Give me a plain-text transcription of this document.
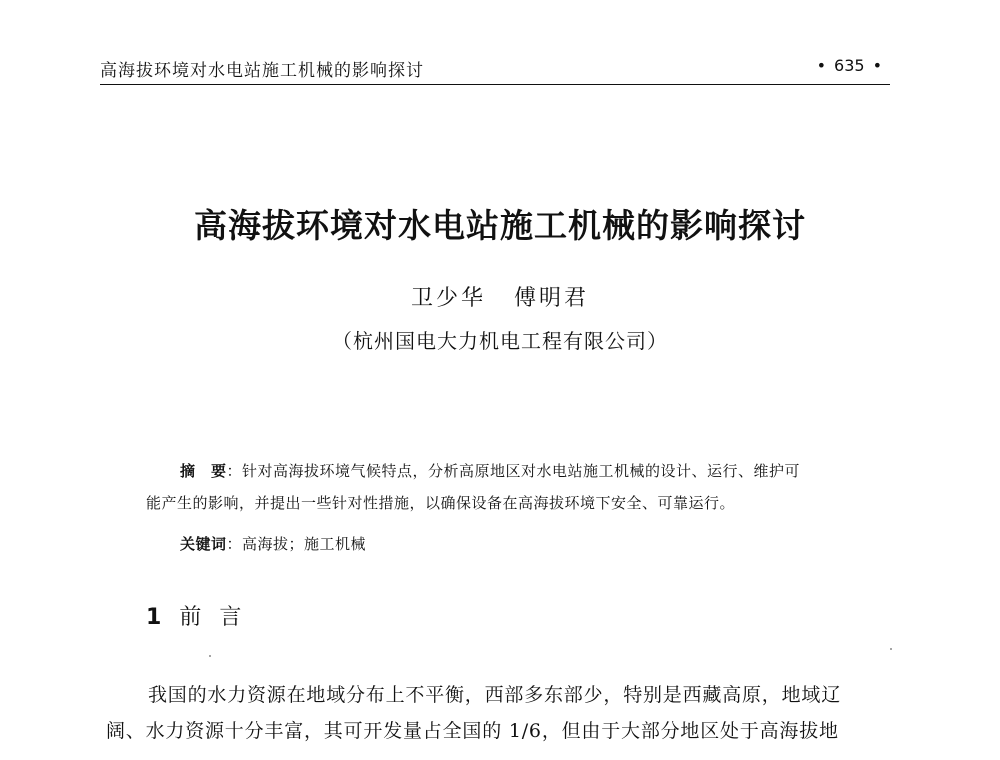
高海拔环境对水电站施工机械的影响探讨	• 635 •
高海拔环境对水电站施工机械的影响探讨
卫少华 傅明君
（杭州国电大力机电工程有限公司）
摘　要：针对高海拔环境气候特点，分析高原地区对水电站施工机械的设计、运行、维护可
能产生的影响，并提出一些针对性措施，以确保设备在高海拔环境下安全、可靠运行。
关键词：高海拔；施工机械
1 前言
我国的水力资源在地域分布上不平衡，西部多东部少，特别是西藏高原，地域辽
阔、水力资源十分丰富，其可开发量占全国的 1/6，但由于大部分地区处于高海拔地
